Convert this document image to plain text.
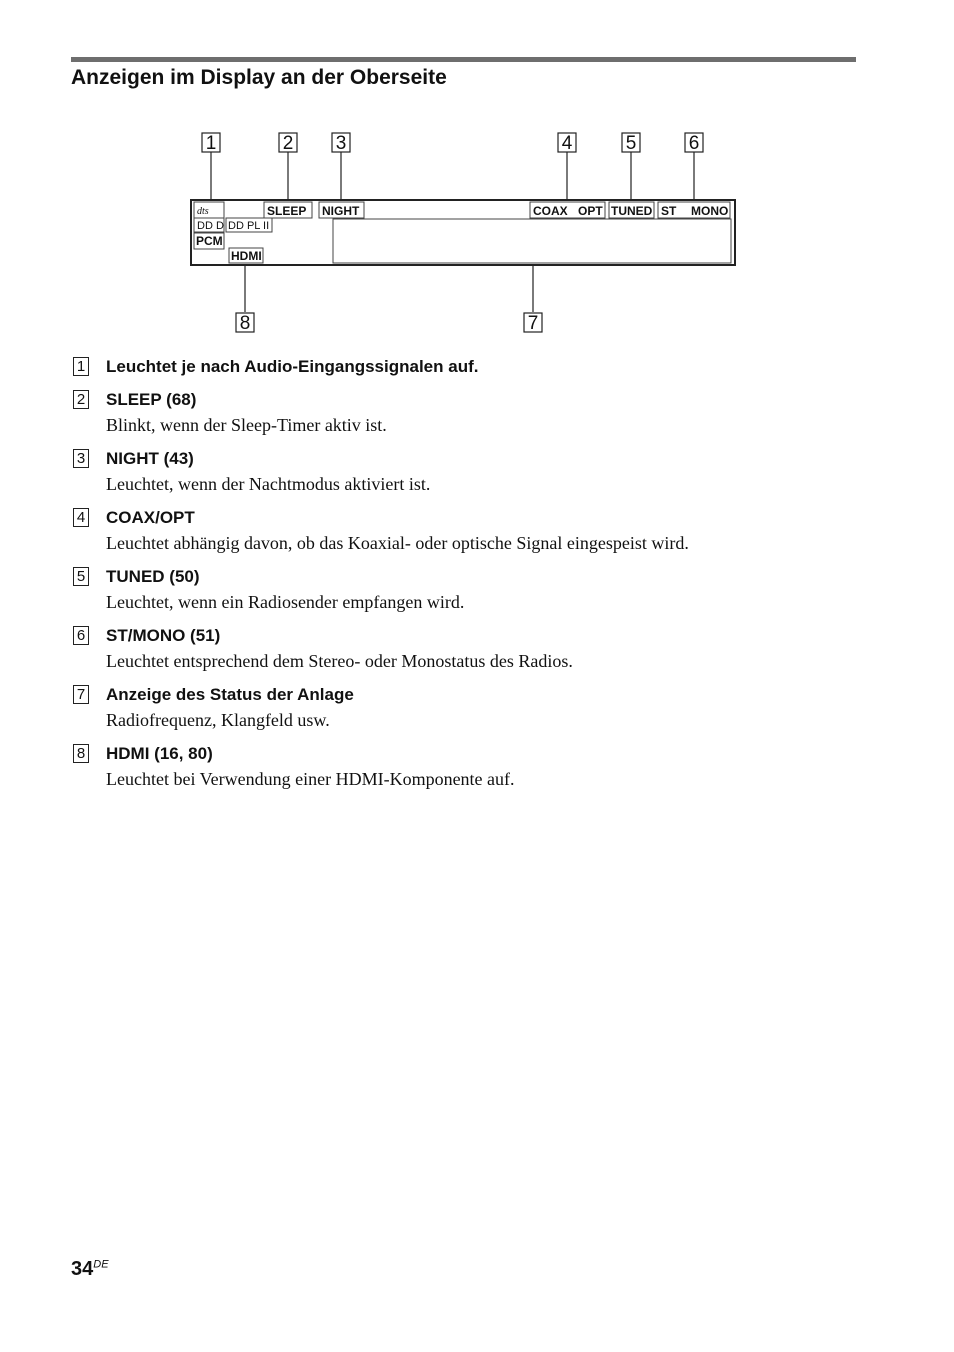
Anzeigen im Display an der Oberseite
1	2 3	4	5	6
8	7
dts
DD D DD PL II
PCM
HDMI
SLEEP NIGHT	COAX OPT TUNED ST MONO
1 Leuchtet je nach Audio-Eingangssignalen auf.
2 SLEEP (68)
Blinkt, wenn der Sleep-Timer aktiv ist.
3 NIGHT (43)
Leuchtet, wenn der Nachtmodus aktiviert ist.
4 COAX/OPT
Leuchtet abhängig davon, ob das Koaxial- oder optische Signal eingespeist wird.
5 TUNED (50)
Leuchtet, wenn ein Radiosender empfangen wird.
6 ST/MONO (51)
Leuchtet entsprechend dem Stereo- oder Monostatus des Radios.
7 Anzeige des Status der Anlage
Radiofrequenz, Klangfeld usw.
8 HDMI (16, 80)
Leuchtet bei Verwendung einer HDMI-Komponente auf.
34DE
